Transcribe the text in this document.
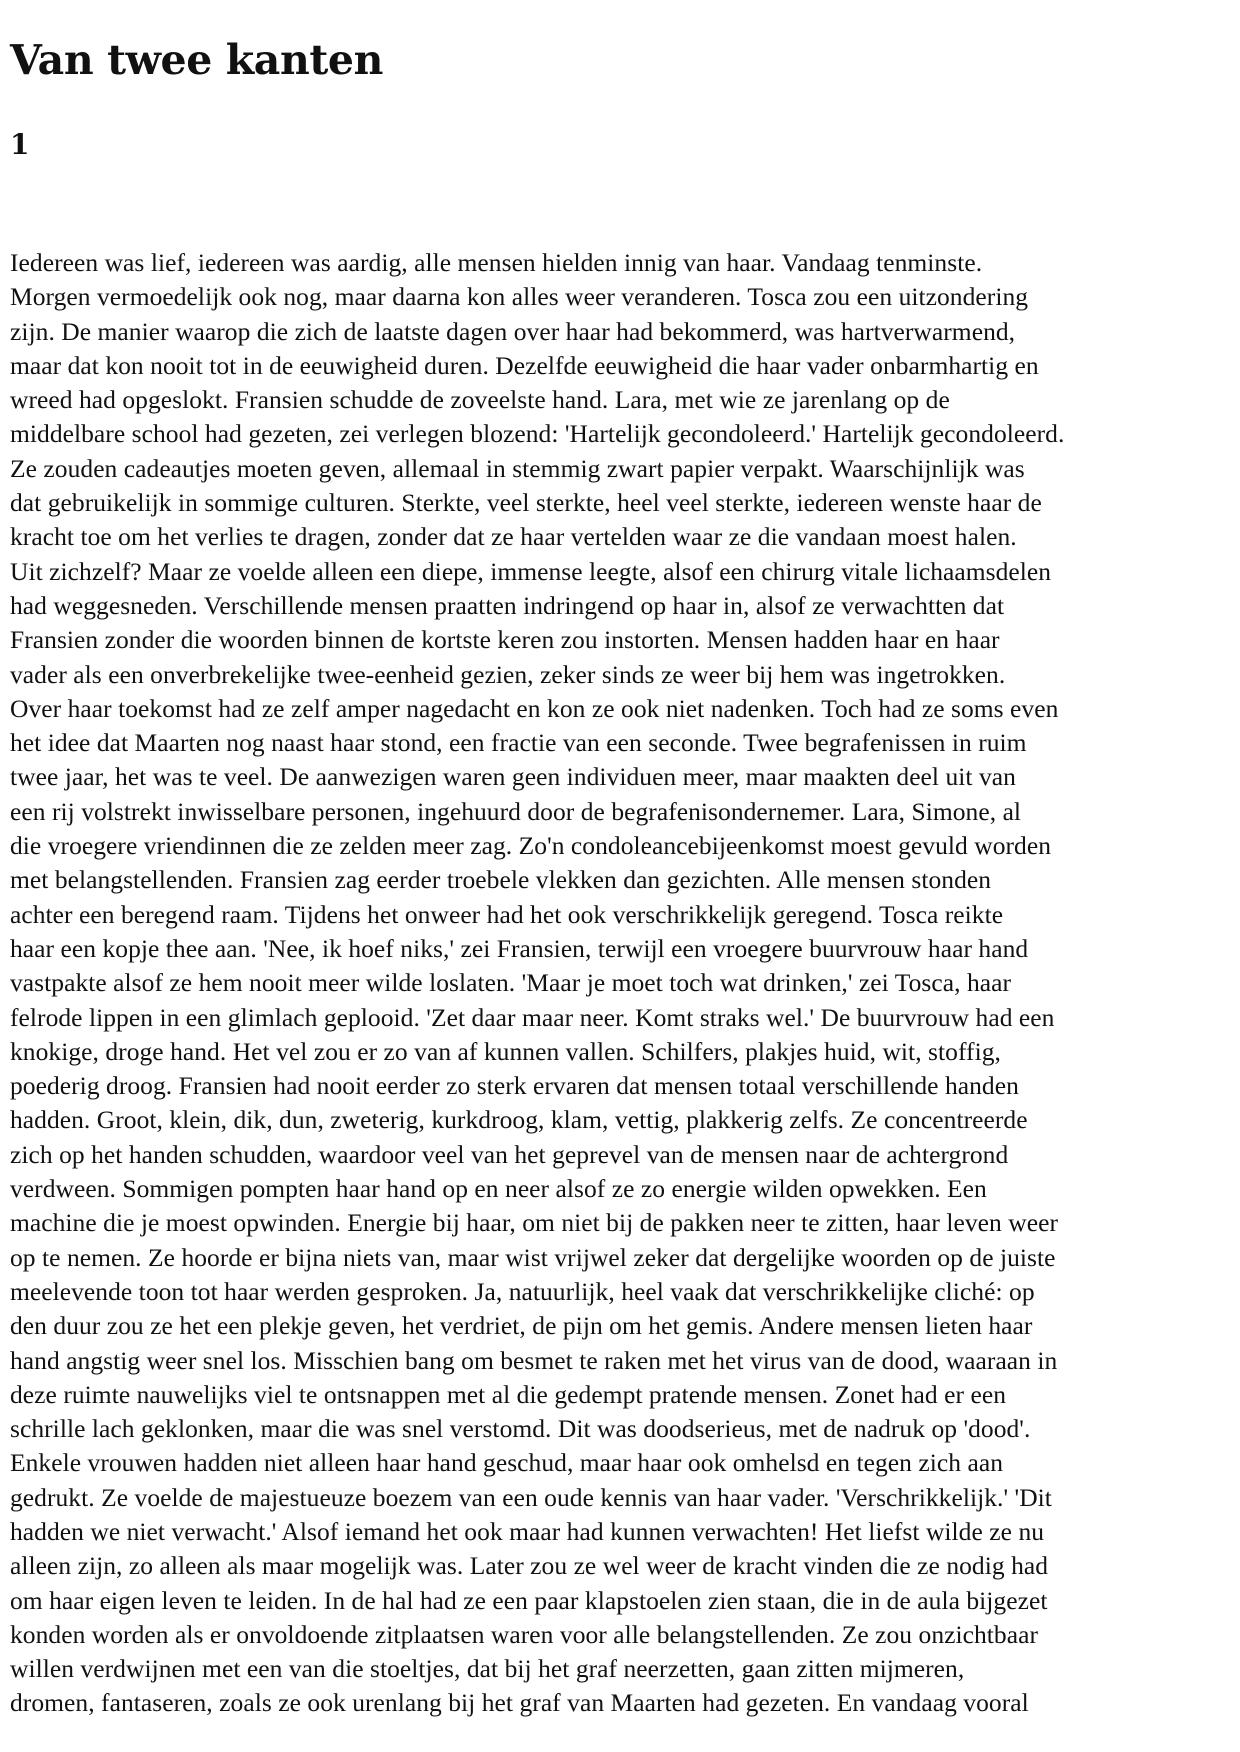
Van twee kanten
1

Iedereen was lief, iedereen was aardig, alle mensen hielden innig van haar. Vandaag tenminste.
Morgen vermoedelijk ook nog, maar daarna kon alles weer veranderen. Tosca zou een uitzondering
zijn. De manier waarop die zich de laatste dagen over haar had bekommerd, was hartverwarmend,
maar dat kon nooit tot in de eeuwigheid duren. Dezelfde eeuwigheid die haar vader onbarmhartig en
wreed had opgeslokt. Fransien schudde de zoveelste hand. Lara, met wie ze jarenlang op de
middelbare school had gezeten, zei verlegen blozend: 'Hartelijk gecondoleerd.' Hartelijk gecondoleerd.
Ze zouden cadeautjes moeten geven, allemaal in stemmig zwart papier verpakt. Waarschijnlijk was
dat gebruikelijk in sommige culturen. Sterkte, veel sterkte, heel veel sterkte, iedereen wenste haar de
kracht toe om het verlies te dragen, zonder dat ze haar vertelden waar ze die vandaan moest halen.
Uit zichzelf? Maar ze voelde alleen een diepe, immense leegte, alsof een chirurg vitale lichaamsdelen
had weggesneden. Verschillende mensen praatten indringend op haar in, alsof ze verwachtten dat
Fransien zonder die woorden binnen de kortste keren zou instorten. Mensen hadden haar en haar
vader als een onverbrekelijke twee-eenheid gezien, zeker sinds ze weer bij hem was ingetrokken.
Over haar toekomst had ze zelf amper nagedacht en kon ze ook niet nadenken. Toch had ze soms even
het idee dat Maarten nog naast haar stond, een fractie van een seconde. Twee begrafenissen in ruim
twee jaar, het was te veel. De aanwezigen waren geen individuen meer, maar maakten deel uit van
een rij volstrekt inwisselbare personen, ingehuurd door de begrafenisondernemer. Lara, Simone, al
die vroegere vriendinnen die ze zelden meer zag. Zo'n condoleancebijeenkomst moest gevuld worden
met belangstellenden. Fransien zag eerder troebele vlekken dan gezichten. Alle mensen stonden
achter een beregend raam. Tijdens het onweer had het ook verschrikkelijk geregend. Tosca reikte
haar een kopje thee aan. 'Nee, ik hoef niks,' zei Fransien, terwijl een vroegere buurvrouw haar hand
vastpakte alsof ze hem nooit meer wilde loslaten. 'Maar je moet toch wat drinken,' zei Tosca, haar
felrode lippen in een glimlach geplooid. 'Zet daar maar neer. Komt straks wel.' De buurvrouw had een
knokige, droge hand. Het vel zou er zo van af kunnen vallen. Schilfers, plakjes huid, wit, stoffig,
poederig droog. Fransien had nooit eerder zo sterk ervaren dat mensen totaal verschillende handen
hadden. Groot, klein, dik, dun, zweterig, kurkdroog, klam, vettig, plakkerig zelfs. Ze concentreerde
zich op het handen schudden, waardoor veel van het geprevel van de mensen naar de achtergrond
verdween. Sommigen pompten haar hand op en neer alsof ze zo energie wilden opwekken. Een
machine die je moest opwinden. Energie bij haar, om niet bij de pakken neer te zitten, haar leven weer
op te nemen. Ze hoorde er bijna niets van, maar wist vrijwel zeker dat dergelijke woorden op de juiste
meelevende toon tot haar werden gesproken. Ja, natuurlijk, heel vaak dat verschrikkelijke cliché: op
den duur zou ze het een plekje geven, het verdriet, de pijn om het gemis. Andere mensen lieten haar
hand angstig weer snel los. Misschien bang om besmet te raken met het virus van de dood, waaraan in
deze ruimte nauwelijks viel te ontsnappen met al die gedempt pratende mensen. Zonet had er een
schrille lach geklonken, maar die was snel verstomd. Dit was doodserieus, met de nadruk op 'dood'.
Enkele vrouwen hadden niet alleen haar hand geschud, maar haar ook omhelsd en tegen zich aan
gedrukt. Ze voelde de majestueuze boezem van een oude kennis van haar vader. 'Verschrikkelijk.' 'Dit
hadden we niet verwacht.' Alsof iemand het ook maar had kunnen verwachten! Het liefst wilde ze nu
alleen zijn, zo alleen als maar mogelijk was. Later zou ze wel weer de kracht vinden die ze nodig had
om haar eigen leven te leiden. In de hal had ze een paar klapstoelen zien staan, die in de aula bijgezet
konden worden als er onvoldoende zitplaatsen waren voor alle belangstellenden. Ze zou onzichtbaar
willen verdwijnen met een van die stoeltjes, dat bij het graf neerzetten, gaan zitten mijmeren,
dromen, fantaseren, zoals ze ook urenlang bij het graf van Maarten had gezeten. En vandaag vooral
